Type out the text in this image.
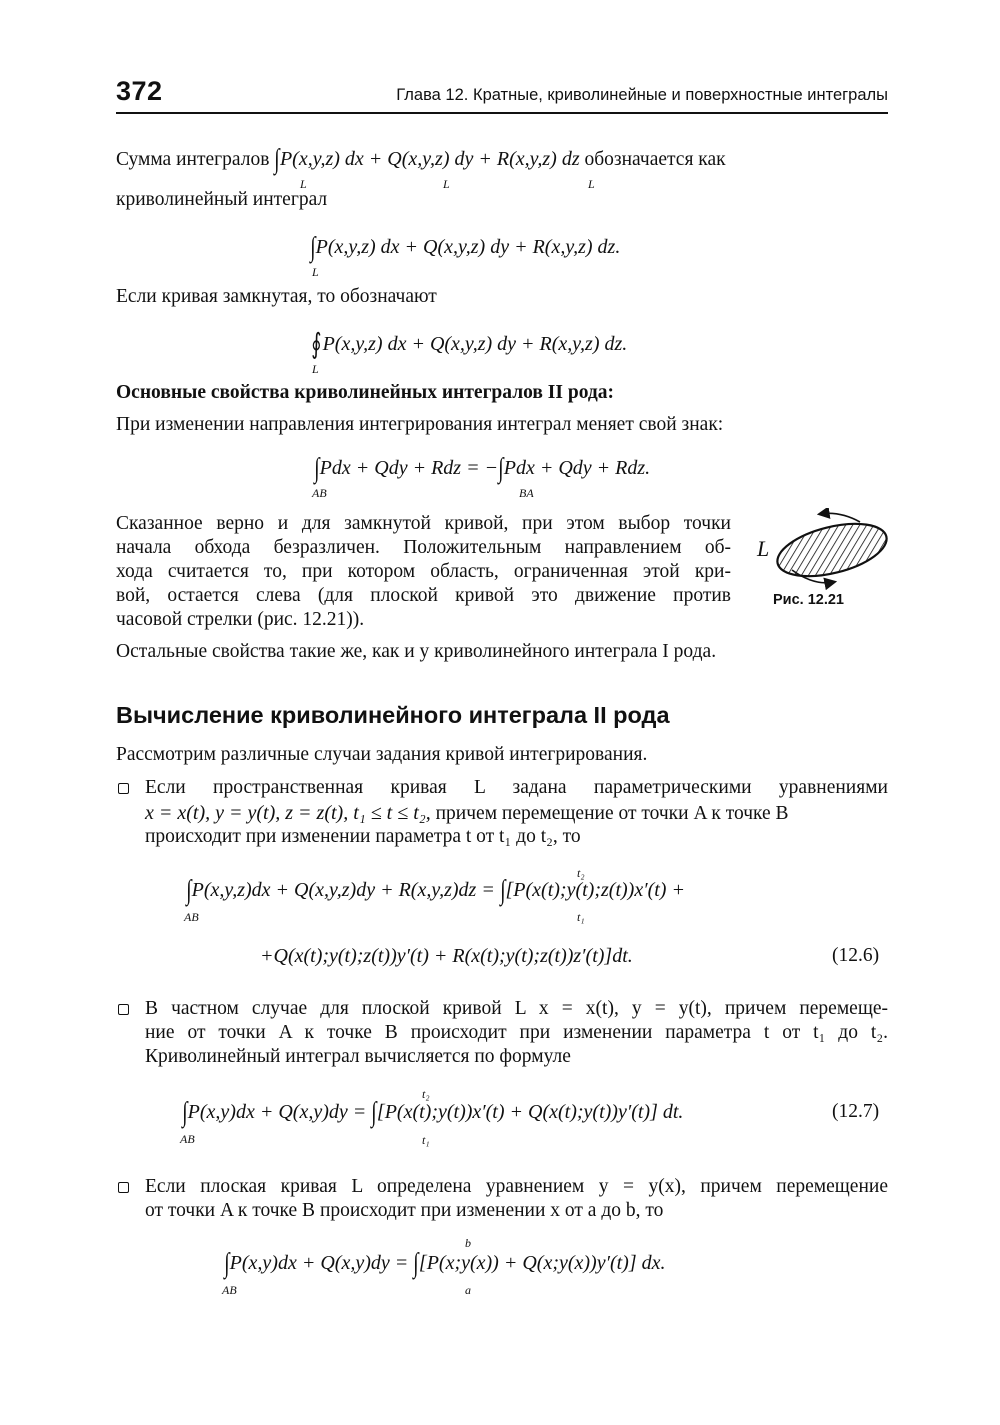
372	Глава 12. Кратные, криволинейные и поверхностные интегралы
Сумма интегралов ∫P(x,y,z) dx + Q(x,y,z) dy + R(x,y,z) dz обозначается как
L	L	L
криволинейный интеграл
∫P(x,y,z) dx + Q(x,y,z) dy + R(x,y,z) dz.
L
Если кривая замкнутая, то обозначают
∮P(x,y,z) dx + Q(x,y,z) dy + R(x,y,z) dz.
L
Основные свойства криволинейных интегралов II рода:
При изменении направления интегрирования интеграл меняет свой знак:
∫Pdx + Qdy + Rdz = −∫Pdx + Qdy + Rdz.
AB	BA
Сказанное верно и для замкнутой кривой, при этом выбор точки
начала обхода безразличен. Положительным направлением об-
хода считается то, при котором область, ограниченная этой кри-
вой, остается слева (для плоской кривой это движение против
часовой стрелки (рис. 12.21)).
L
Рис. 12.21
Остальные свойства такие же, как и у криволинейного интеграла I рода.
Вычисление криволинейного интеграла II рода
Рассмотрим различные случаи задания кривой интегрирования.
Если пространственная кривая L задана параметрическими уравнениями
x = x(t), y = y(t), z = z(t), t₁ ≤ t ≤ t₂, причем перемещение от точки A к точке B
происходит при изменении параметра t от t₁ до t₂, то
t₂
∫P(x,y,z)dx + Q(x,y,z)dy + R(x,y,z)dz = ∫[P(x(t);y(t);z(t))x′(t) +
AB	t₁
+Q(x(t);y(t);z(t))y′(t) + R(x(t);y(t);z(t))z′(t)]dt.	(12.6)
В частном случае для плоской кривой L x = x(t), y = y(t), причем перемеще-
ние от точки A к точке B происходит при изменении параметра t от t₁ до t₂.
Криволинейный интеграл вычисляется по формуле
t₂
∫P(x,y)dx + Q(x,y)dy = ∫[P(x(t);y(t))x′(t) + Q(x(t);y(t))y′(t)] dt.
AB	t₁
(12.7)
Если плоская кривая L определена уравнением y = y(x), причем перемещение
от точки A к точке B происходит при изменении x от a до b, то
b
∫P(x,y)dx + Q(x,y)dy = ∫[P(x;y(x)) + Q(x;y(x))y′(t)] dx.
AB	a
